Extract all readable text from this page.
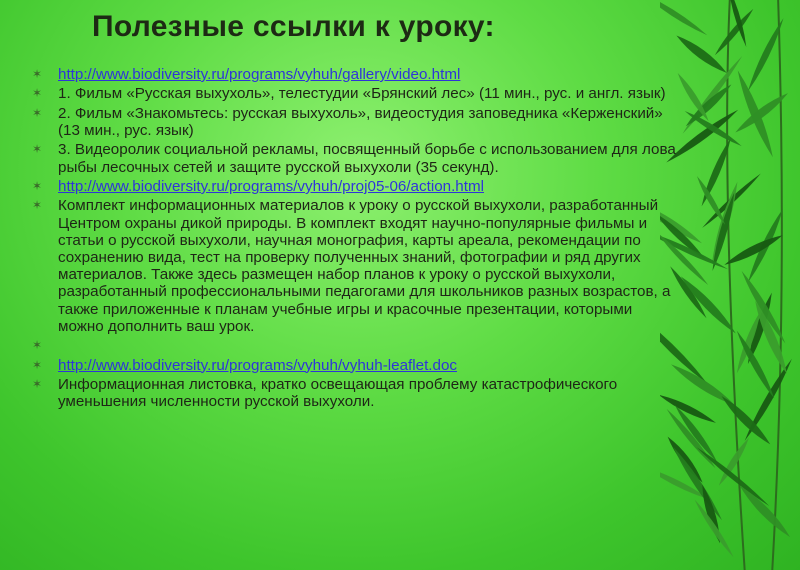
Полезные ссылки к уроку:
✶ http://www.biodiversity.ru/programs/vyhuh/gallery/video.html
✶ 1. Фильм «Русская выхухоль», телестудии «Брянский лес» (11 мин., рус. и англ. язык)
✶ 2. Фильм «Знакомьтесь: русская выхухоль», видеостудия заповедника «Керженский» (13 мин., рус. язык)
✶ 3. Видеоролик социальной рекламы, посвященный борьбе с использованием для лова рыбы лесочных сетей и защите русской выхухоли (35 секунд).
✶ http://www.biodiversity.ru/programs/vyhuh/proj05-06/action.html
✶ Комплект информационных материалов к уроку о русской выхухоли, разработанный Центром охраны дикой природы. В комплект входят научно-популярные фильмы и статьи о русской выхухоли, научная монография, карты ареала, рекомендации по сохранению вида, тест на проверку полученных знаний, фотографии и ряд других материалов. Также здесь размещен набор планов к уроку о русской выхухоли, разработанный профессиональными педагогами для школьников разных возрастов, а также приложенные к планам учебные игры и красочные презентации, которыми можно дополнить ваш урок.
✶
✶ http://www.biodiversity.ru/programs/vyhuh/vyhuh-leaflet.doc
✶ Информационная листовка, кратко освещающая проблему катастрофического уменьшения численности русской выхухоли.
